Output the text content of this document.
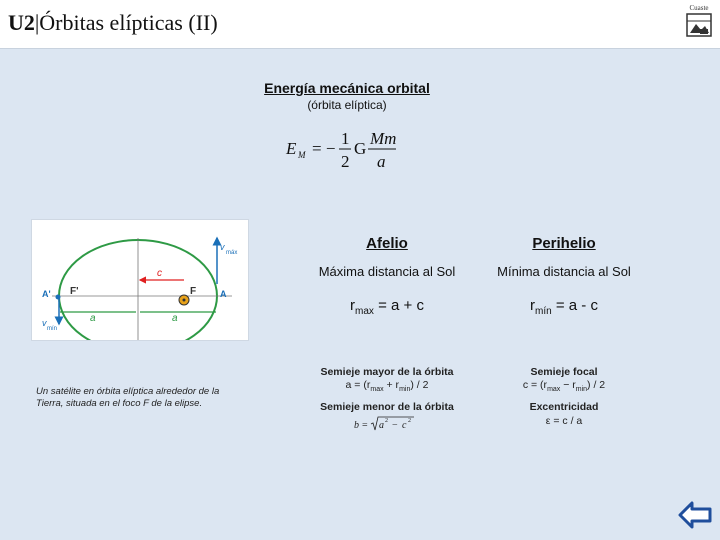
U2|Órbitas elípticas (II)
Cuaste
Energía mecánica orbital
(órbita elíptica)
E M = −
1
2
G
Mm
a
c
a	a
F'	F	A
A'
v
máx
v
mín
Un satélite en órbita elíptica alrededor de la Tierra, situada en el foco F de la elipse.
Afelio	Perihelio
Máxima distancia al Sol	Mínima distancia al Sol
$r_{max} = a + c$	$r_{mín} = a - c$
Semieje mayor de la órbita
$a = (r_{max} + r_{min}) / 2$
Semieje focal
$c = (r_{max} - r_{min}) / 2$
Semieje menor de la órbita
b = a 2 − c 2
Excentricidad
ε = c / a
